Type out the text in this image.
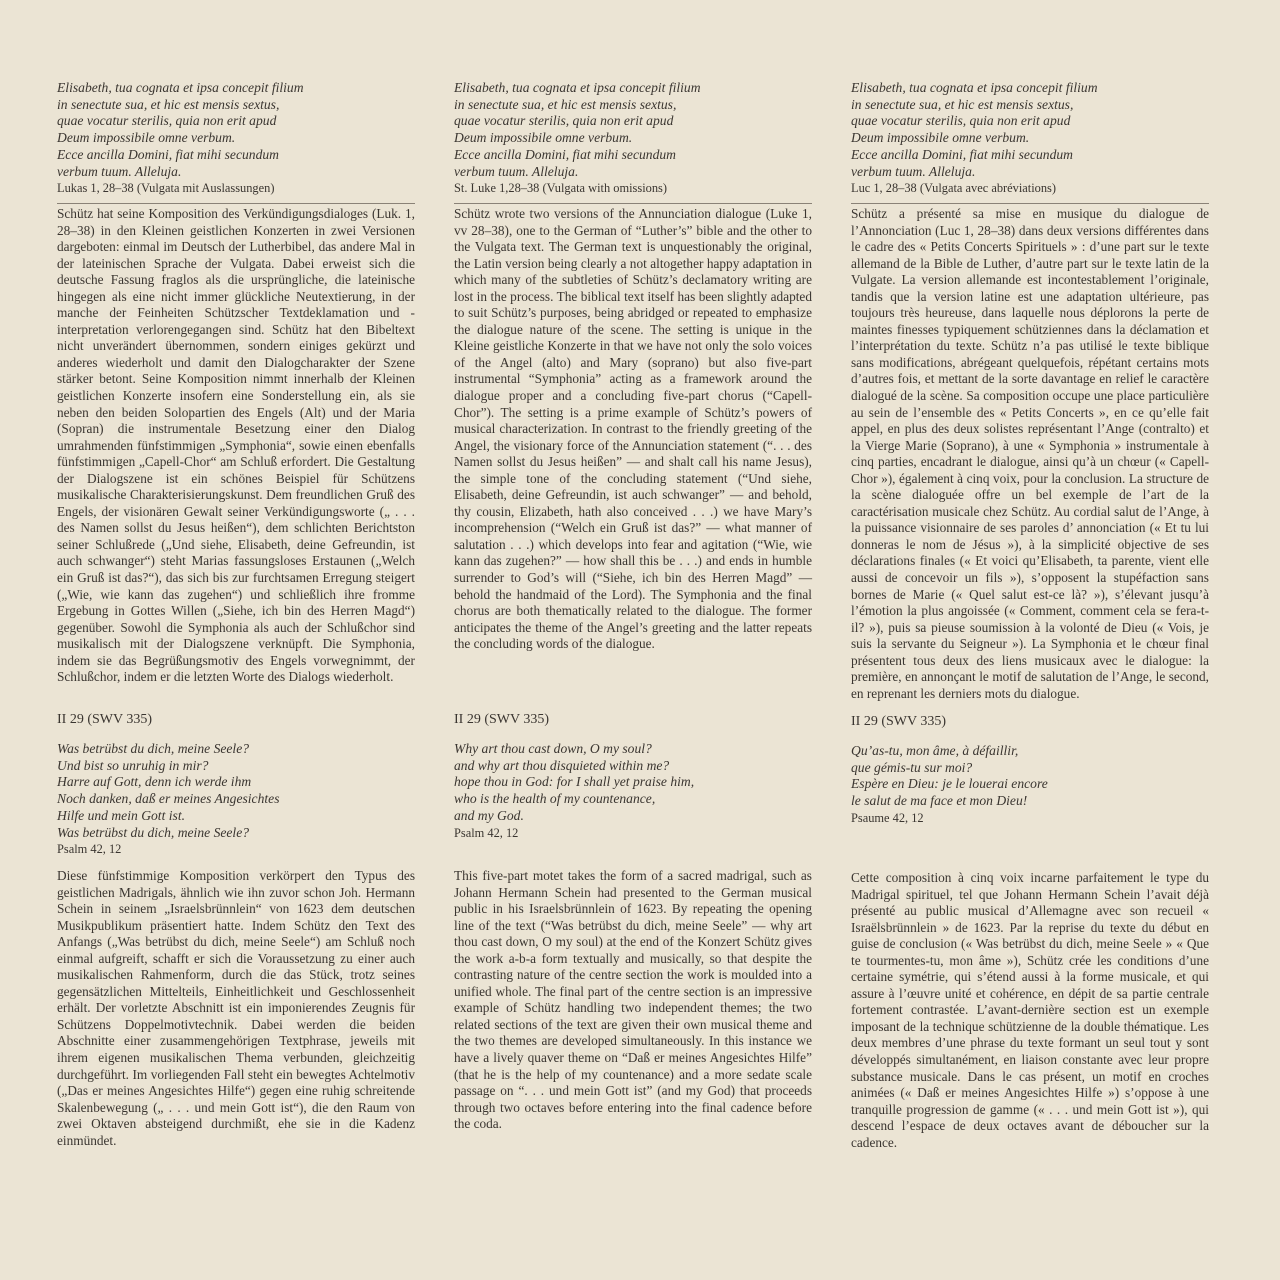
Elisabeth, tua cognata et ipsa concepit filium
in senectute sua, et hic est mensis sextus,
quae vocatur sterilis, quia non erit apud
Deum impossibile omne verbum.
Ecce ancilla Domini, fiat mihi secundum
verbum tuum. Alleluja.
Lukas 1, 28–38 (Vulgata mit Auslassungen)
Schütz hat seine Komposition des Verkündigungsdialoges (Luk. 1, 28–38) in den Kleinen geistlichen Konzerten in zwei Versionen dargeboten: einmal im Deutsch der Lutherbibel, das andere Mal in der lateinischen Sprache der Vulgata. Dabei erweist sich die deutsche Fassung fraglos als die ursprüngliche, die lateinische hingegen als eine nicht immer glückliche Neutextierung, in der manche der Feinheiten Schützscher Textdeklamation und -interpretation verlorengegangen sind. Schütz hat den Bibeltext nicht unverändert übernommen, sondern einiges gekürzt und anderes wiederholt und damit den Dialogcharakter der Szene stärker betont. Seine Komposition nimmt innerhalb der Kleinen geistlichen Konzerte insofern eine Sonderstellung ein, als sie neben den beiden Solopartien des Engels (Alt) und der Maria (Sopran) die instrumentale Besetzung einer den Dialog umrahmenden fünfstimmigen „Symphonia“, sowie einen ebenfalls fünfstimmigen „Capell-Chor“ am Schluß erfordert. Die Gestaltung der Dialogszene ist ein schönes Beispiel für Schützens musikalische Charakterisierungskunst. Dem freundlichen Gruß des Engels, der visionären Gewalt seiner Verkündigungsworte („ . . . des Namen sollst du Jesus heißen“), dem schlichten Berichtston seiner Schlußrede („Und siehe, Elisabeth, deine Gefreundin, ist auch schwanger“) steht Marias fassungsloses Erstaunen („Welch ein Gruß ist das?“), das sich bis zur furchtsamen Erregung steigert („Wie, wie kann das zugehen“) und schließlich ihre fromme Ergebung in Gottes Willen („Siehe, ich bin des Herren Magd“) gegenüber. Sowohl die Symphonia als auch der Schlußchor sind musikalisch mit der Dialogszene verknüpft. Die Symphonia, indem sie das Begrüßungsmotiv des Engels vorwegnimmt, der Schlußchor, indem er die letzten Worte des Dialogs wiederholt.
Elisabeth, tua cognata et ipsa concepit filium
in senectute sua, et hic est mensis sextus,
quae vocatur sterilis, quia non erit apud
Deum impossibile omne verbum.
Ecce ancilla Domini, fiat mihi secundum
verbum tuum. Alleluja.
St. Luke 1,28–38 (Vulgata with omissions)
Schütz wrote two versions of the Annunciation dialogue (Luke 1, vv 28–38), one to the German of “Luther’s” bible and the other to the Vulgata text. The German text is unquestionably the original, the Latin version being clearly a not altogether happy adaptation in which many of the subtleties of Schütz’s declamatory writing are lost in the process. The biblical text itself has been slightly adapted to suit Schütz’s purposes, being abridged or repeated to emphasize the dialogue nature of the scene. The setting is unique in the Kleine geistliche Konzerte in that we have not only the solo voices of the Angel (alto) and Mary (soprano) but also five-part instrumental “Symphonia” acting as a framework around the dialogue proper and a concluding five-part chorus (“Capell-Chor”). The setting is a prime example of Schütz’s powers of musical characterization. In contrast to the friendly greeting of the Angel, the visionary force of the Annunciation statement (“. . . des Namen sollst du Jesus heißen” — and shalt call his name Jesus), the simple tone of the concluding statement (“Und siehe, Elisabeth, deine Gefreundin, ist auch schwanger” — and behold, thy cousin, Elizabeth, hath also conceived . . .) we have Mary’s incomprehension (“Welch ein Gruß ist das?” — what manner of salutation . . .) which develops into fear and agitation (“Wie, wie kann das zugehen?” — how shall this be . . .) and ends in humble surrender to God’s will (“Siehe, ich bin des Herren Magd” — behold the handmaid of the Lord). The Symphonia and the final chorus are both thematically related to the dialogue. The former anticipates the theme of the Angel’s greeting and the latter repeats the concluding words of the dialogue.
Elisabeth, tua cognata et ipsa concepit filium
in senectute sua, et hic est mensis sextus,
quae vocatur sterilis, quia non erit apud
Deum impossibile omne verbum.
Ecce ancilla Domini, fiat mihi secundum
verbum tuum. Alleluja.
Luc 1, 28–38 (Vulgata avec abréviations)
Schütz a présenté sa mise en musique du dialogue de l’Annonciation (Luc 1, 28–38) dans deux versions différentes dans le cadre des « Petits Concerts Spirituels » : d’une part sur le texte allemand de la Bible de Luther, d’autre part sur le texte latin de la Vulgate. La version allemande est incontestablement l’originale, tandis que la version latine est une adaptation ultérieure, pas toujours très heureuse, dans laquelle nous déplorons la perte de maintes finesses typiquement schütziennes dans la déclamation et l’interprétation du texte. Schütz n’a pas utilisé le texte biblique sans modifications, abrégeant quelquefois, répétant certains mots d’autres fois, et mettant de la sorte davantage en relief le caractère dialogué de la scène. Sa composition occupe une place particulière au sein de l’ensemble des « Petits Concerts », en ce qu’elle fait appel, en plus des deux solistes représentant l’Ange (contralto) et la Vierge Marie (Soprano), à une « Symphonia » instrumentale à cinq parties, encadrant le dialogue, ainsi qu’à un chœur (« Capell-Chor »), également à cinq voix, pour la conclusion. La structure de la scène dialoguée offre un bel exemple de l’art de la caractérisation musicale chez Schütz. Au cordial salut de l’Ange, à la puissance visionnaire de ses paroles d’ annonciation (« Et tu lui donneras le nom de Jésus »), à la simplicité objective de ses déclarations finales (« Et voici qu’Elisabeth, ta parente, vient elle aussi de concevoir un fils »), s’opposent la stupéfaction sans bornes de Marie (« Quel salut est-ce là? »), s’élevant jusqu’à l’émotion la plus angoissée (« Comment, comment cela se fera-t-il? »), puis sa pieuse soumission à la volonté de Dieu (« Vois, je suis la servante du Seigneur »). La Symphonia et le chœur final présentent tous deux des liens musicaux avec le dialogue: la première, en annonçant le motif de salutation de l’Ange, le second, en reprenant les derniers mots du dialogue.
II 29 (SWV 335)
Was betrübst du dich, meine Seele?
Und bist so unruhig in mir?
Harre auf Gott, denn ich werde ihm
Noch danken, daß er meines Angesichtes
Hilfe und mein Gott ist.
Was betrübst du dich, meine Seele?
Psalm 42, 12
Diese fünfstimmige Komposition verkörpert den Typus des geistlichen Madrigals, ähnlich wie ihn zuvor schon Joh. Hermann Schein in seinem „Israelsbrünnlein“ von 1623 dem deutschen Musikpublikum präsentiert hatte. Indem Schütz den Text des Anfangs („Was betrübst du dich, meine Seele“) am Schluß noch einmal aufgreift, schafft er sich die Voraussetzung zu einer auch musikalischen Rahmenform, durch die das Stück, trotz seines gegensätzlichen Mittelteils, Einheitlichkeit und Geschlossenheit erhält. Der vorletzte Abschnitt ist ein imponierendes Zeugnis für Schützens Doppelmotivtechnik. Dabei werden die beiden Abschnitte einer zusammengehörigen Textphrase, jeweils mit ihrem eigenen musikalischen Thema verbunden, gleichzeitig durchgeführt. Im vorliegenden Fall steht ein bewegtes Achtelmotiv („Das er meines Angesichtes Hilfe“) gegen eine ruhig schreitende Skalenbewegung („ . . . und mein Gott ist“), die den Raum von zwei Oktaven absteigend durchmißt, ehe sie in die Kadenz einmündet.
II 29 (SWV 335)
Why art thou cast down, O my soul?
and why art thou disquieted within me?
hope thou in God: for I shall yet praise him,
who is the health of my countenance,
and my God.
Psalm 42, 12
This five-part motet takes the form of a sacred madrigal, such as Johann Hermann Schein had presented to the German musical public in his Israelsbrünnlein of 1623. By repeating the opening line of the text (“Was betrübst du dich, meine Seele” — why art thou cast down, O my soul) at the end of the Konzert Schütz gives the work a-b-a form textually and musically, so that despite the contrasting nature of the centre section the work is moulded into a unified whole. The final part of the centre section is an impressive example of Schütz handling two independent themes; the two related sections of the text are given their own musical theme and the two themes are developed simultaneously. In this instance we have a lively quaver theme on “Daß er meines Angesichtes Hilfe” (that he is the help of my countenance) and a more sedate scale passage on “. . . und mein Gott ist” (and my God) that proceeds through two octaves before entering into the final cadence before the coda.
II 29 (SWV 335)
Qu’as-tu, mon âme, à défaillir,
que gémis-tu sur moi?
Espère en Dieu: je le louerai encore
le salut de ma face et mon Dieu!
Psaume 42, 12
Cette composition à cinq voix incarne parfaitement le type du Madrigal spirituel, tel que Johann Hermann Schein l’avait déjà présenté au public musical d’Allemagne avec son recueil « Israëlsbrünnlein » de 1623. Par la reprise du texte du début en guise de conclusion (« Was betrübst du dich, meine Seele » « Que te tourmentes-tu, mon âme »), Schütz crée les conditions d’une certaine symétrie, qui s’étend aussi à la forme musicale, et qui assure à l’œuvre unité et cohérence, en dépit de sa partie centrale fortement contrastée. L’avant-dernière section est un exemple imposant de la technique schützienne de la double thématique. Les deux membres d’une phrase du texte formant un seul tout y sont développés simultanément, en liaison constante avec leur propre substance musicale. Dans le cas présent, un motif en croches animées (« Daß er meines Angesichtes Hilfe ») s’oppose à une tranquille progression de gamme (« . . . und mein Gott ist »), qui descend l’espace de deux octaves avant de déboucher sur la cadence.
